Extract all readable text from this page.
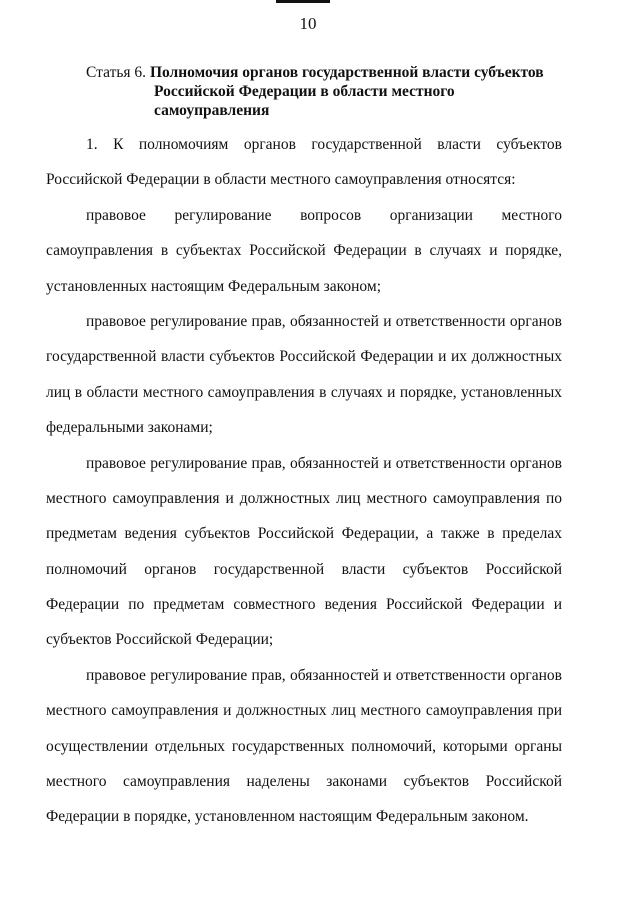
10
Статья 6. Полномочия органов государственной власти субъектов
Российской Федерации в области местного
самоуправления
1. К полномочиям органов государственной власти субъектов
Российской Федерации в области местного самоуправления относятся:
правовое регулирование вопросов организации местного
самоуправления в субъектах Российской Федерации в случаях и порядке,
установленных настоящим Федеральным законом;
правовое регулирование прав, обязанностей и ответственности органов
государственной власти субъектов Российской Федерации и их должностных
лиц в области местного самоуправления в случаях и порядке, установленных
федеральными законами;
правовое регулирование прав, обязанностей и ответственности органов
местного самоуправления и должностных лиц местного самоуправления по
предметам ведения субъектов Российской Федерации, а также в пределах
полномочий органов государственной власти субъектов Российской
Федерации по предметам совместного ведения Российской Федерации и
субъектов Российской Федерации;
правовое регулирование прав, обязанностей и ответственности органов
местного самоуправления и должностных лиц местного самоуправления при
осуществлении отдельных государственных полномочий, которыми органы
местного самоуправления наделены законами субъектов Российской
Федерации в порядке, установленном настоящим Федеральным законом.
